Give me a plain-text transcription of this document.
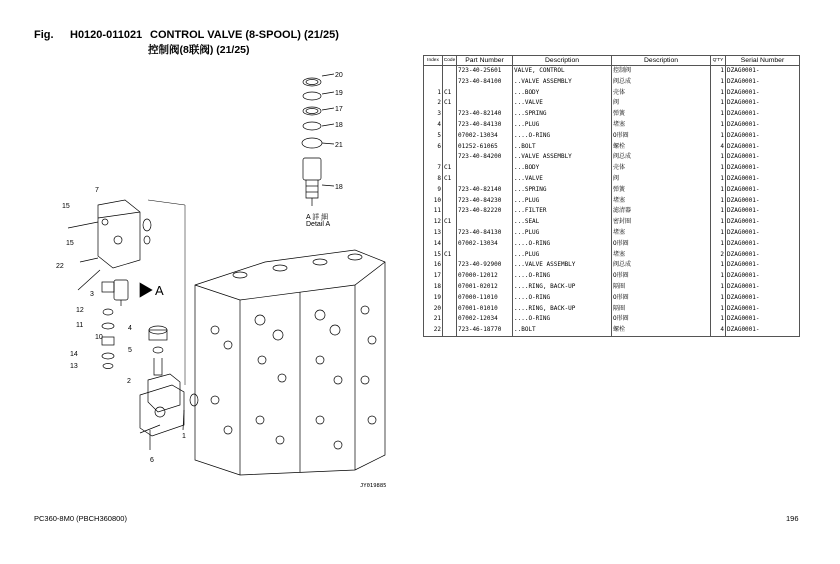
Fig. H0120-011021 CONTROL VALVE (8-SPOOL) (21/25)
控制阀(8联阀) (21/25)
20
19
17
18
21
18
A
7
15
15
22
3
4
12
11
5
14
13
2
1
6
10
A 詳 細
Detail A
JY019885
Index	Code	Part Number	Description	Description	Q'TY	Serial Number
		723-40-25601	VALVE, CONTROL	控制阀	1	DZAG0001-
		723-40-84100	..VALVE ASSEMBLY	阀总成	1	DZAG0001-
1	C1		...BODY	壳体	1	DZAG0001-
2	C1		...VALVE	阀	1	DZAG0001-
3		723-40-82140	...SPRING	弹簧	1	DZAG0001-
4		723-40-84130	...PLUG	堵塞	1	DZAG0001-
5		07002-13034	....O-RING	O形圈	1	DZAG0001-
6		01252-61065	..BOLT	螺栓	4	DZAG0001-
		723-40-84200	..VALVE ASSEMBLY	阀总成	1	DZAG0001-
7	C1		...BODY	壳体	1	DZAG0001-
8	C1		...VALVE	阀	1	DZAG0001-
9		723-40-82140	...SPRING	弹簧	1	DZAG0001-
10		723-40-84230	...PLUG	堵塞	1	DZAG0001-
11		723-40-82220	...FILTER	滤清器	1	DZAG0001-
12	C1		...SEAL	密封圈	1	DZAG0001-
13		723-40-84130	...PLUG	堵塞	1	DZAG0001-
14		07002-13034	....O-RING	O形圈	1	DZAG0001-
15	C1		...PLUG	堵塞	2	DZAG0001-
16		723-40-92900	...VALVE ASSEMBLY	阀总成	1	DZAG0001-
17		07000-12012	....O-RING	O形圈	1	DZAG0001-
18		07001-02012	....RING, BACK-UP	隔圈	1	DZAG0001-
19		07000-11010	....O-RING	O形圈	1	DZAG0001-
20		07001-01010	....RING, BACK-UP	隔圈	1	DZAG0001-
21		07002-12034	....O-RING	O形圈	1	DZAG0001-
22		723-46-18770	..BOLT	螺栓	4	DZAG0001-
PC360-8M0 (PBCH360800)	196
